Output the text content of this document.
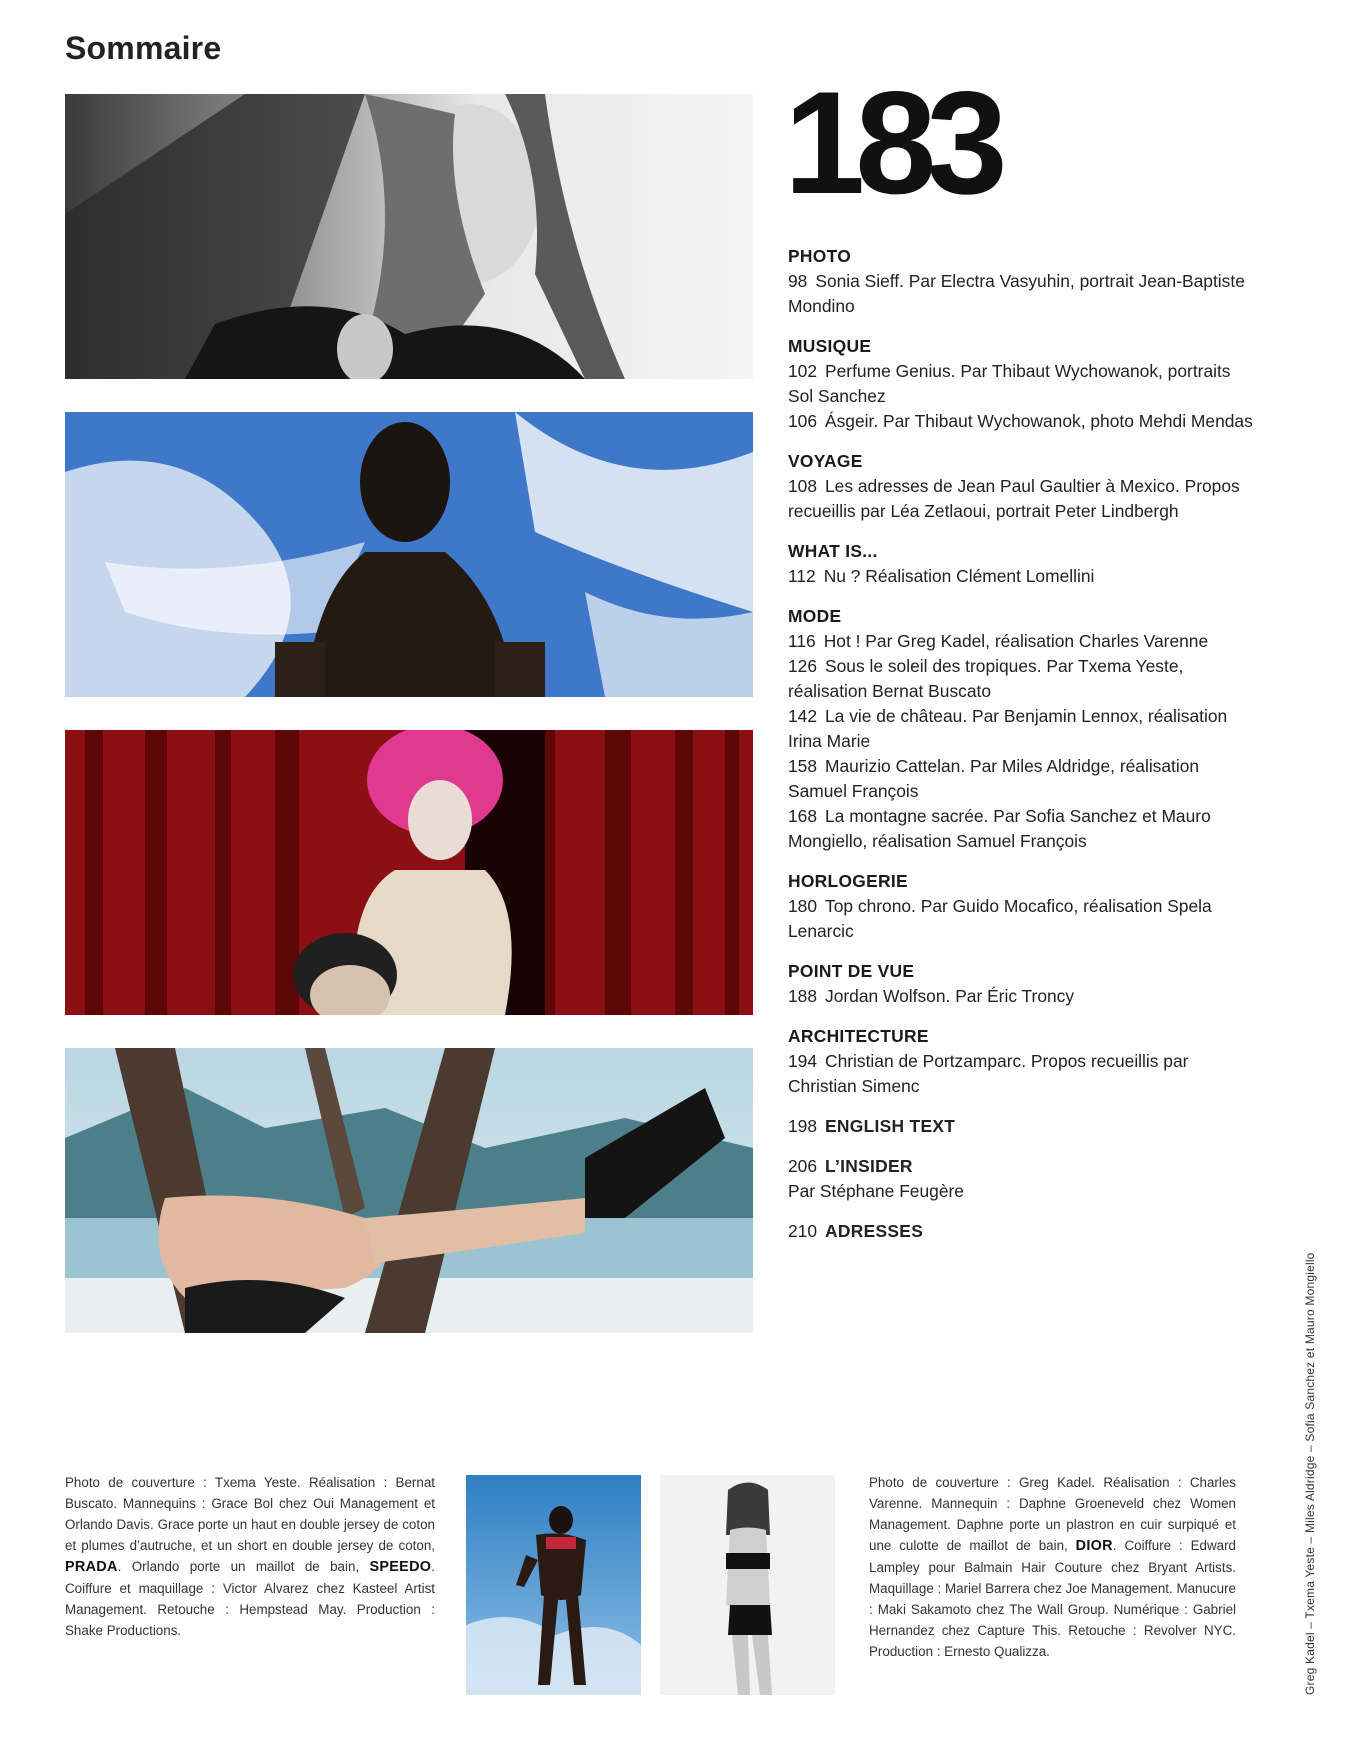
Sommaire
183
PHOTO
98 Sonia Sieff. Par Electra Vasyuhin, portrait Jean-Baptiste Mondino
MUSIQUE
102 Perfume Genius. Par Thibaut Wychowanok, portraits Sol Sanchez
106 Ásgeir. Par Thibaut Wychowanok, photo Mehdi Mendas
VOYAGE
108 Les adresses de Jean Paul Gaultier à Mexico. Propos recueillis par Léa Zetlaoui, portrait Peter Lindbergh
WHAT IS...
112 Nu ? Réalisation Clément Lomellini
MODE
116 Hot ! Par Greg Kadel, réalisation Charles Varenne
126 Sous le soleil des tropiques. Par Txema Yeste, réalisation Bernat Buscato
142 La vie de château. Par Benjamin Lennox, réalisation Irina Marie
158 Maurizio Cattelan. Par Miles Aldridge, réalisation Samuel François
168 La montagne sacrée. Par Sofia Sanchez et Mauro Mongiello, réalisation Samuel François
HORLOGERIE
180 Top chrono. Par Guido Mocafico, réalisation Spela Lenarcic
POINT DE VUE
188 Jordan Wolfson. Par Éric Troncy
ARCHITECTURE
194 Christian de Portzamparc. Propos recueillis par Christian Simenc
198 ENGLISH TEXT
206 L’INSIDER
Par Stéphane Feugère
210 ADRESSES
Photo de couverture : Txema Yeste. Réalisation : Bernat Buscato. Mannequins : Grace Bol chez Oui Management et Orlando Davis. Grace porte un haut en double jersey de coton et plumes d’autruche, et un short en double jersey de coton, PRADA. Orlando porte un maillot de bain, SPEEDO. Coiffure et maquillage : Victor Alvarez chez Kasteel Artist Management. Retouche : Hempstead May. Production : Shake Productions.
Photo de couverture : Greg Kadel. Réalisation : Charles Varenne. Mannequin : Daphne Groeneveld chez Women Management. Daphne porte un plastron en cuir surpiqué et une culotte de maillot de bain, DIOR. Coiffure : Edward Lampley pour Balmain Hair Couture chez Bryant Artists. Maquillage : Mariel Barrera chez Joe Management. Manucure : Maki Sakamoto chez The Wall Group. Numérique : Gabriel Hernandez chez Capture This. Retouche : Revolver NYC. Production : Ernesto Qualizza.	Greg Kadel – Txema Yeste – Miles Aldridge – Sofia Sanchez et Mauro Mongiello
